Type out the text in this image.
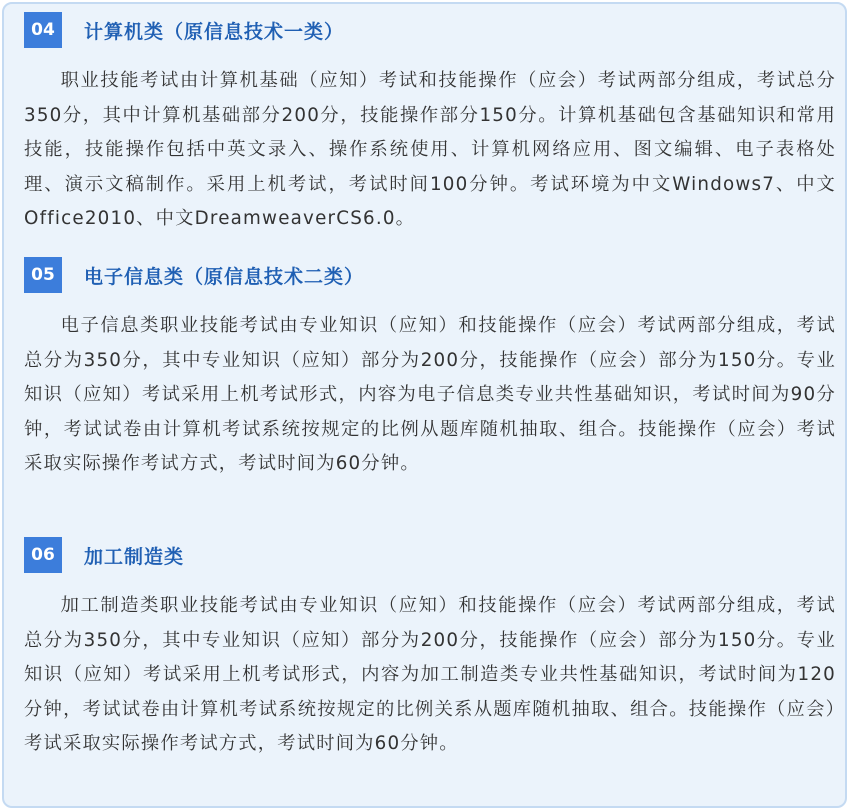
04	计算机类（原信息技术一类）

职业技能考试由计算机基础（应知）考试和技能操作（应会）考试两部分组成，考试总分350分，其中计算机基础部分200分，技能操作部分150分。计算机基础包含基础知识和常用技能，技能操作包括中英文录入、操作系统使用、计算机网络应用、图文编辑、电子表格处理、演示文稿制作。采用上机考试，考试时间100分钟。考试环境为中文Windows7、中文Office2010、中文DreamweaverCS6.0。

05	电子信息类（原信息技术二类）

电子信息类职业技能考试由专业知识（应知）和技能操作（应会）考试两部分组成，考试总分为350分，其中专业知识（应知）部分为200分，技能操作（应会）部分为150分。专业知识（应知）考试采用上机考试形式，内容为电子信息类专业共性基础知识，考试时间为90分钟，考试试卷由计算机考试系统按规定的比例从题库随机抽取、组合。技能操作（应会）考试采取实际操作考试方式，考试时间为60分钟。

06	加工制造类

加工制造类职业技能考试由专业知识（应知）和技能操作（应会）考试两部分组成，考试总分为350分，其中专业知识（应知）部分为200分，技能操作（应会）部分为150分。专业知识（应知）考试采用上机考试形式，内容为加工制造类专业共性基础知识，考试时间为120分钟，考试试卷由计算机考试系统按规定的比例关系从题库随机抽取、组合。技能操作（应会）考试采取实际操作考试方式，考试时间为60分钟。
